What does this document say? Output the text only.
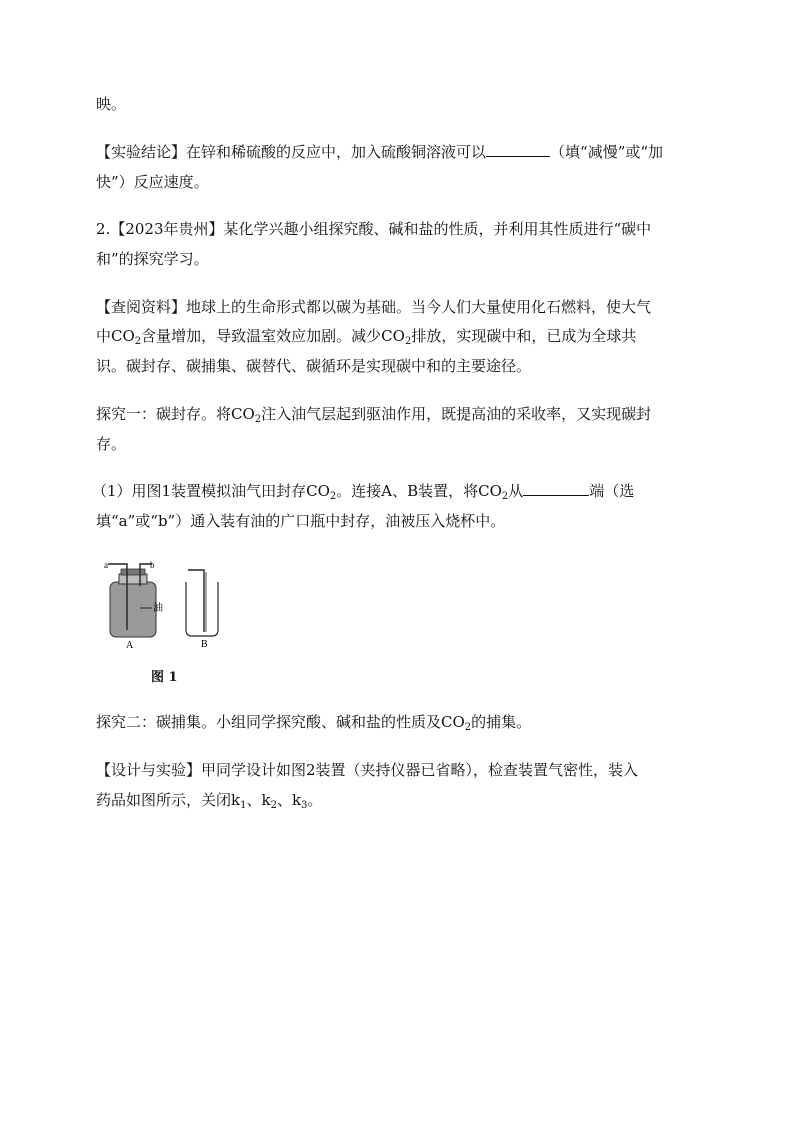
映。
【实验结论】在锌和稀硫酸的反应中，加入硫酸铜溶液可以	（填“减慢”或“加
快”）反应速度。
2.【2023年贵州】某化学兴趣小组探究酸、碱和盐的性质，并利用其性质进行“碳中
和”的探究学习。
【查阅资料】地球上的生命形式都以碳为基础。当今人们大量使用化石燃料，使大气
中$CO_2$含量增加，导致温室效应加剧。减少$CO_2$排放，实现碳中和，已成为全球共
识。碳封存、碳捕集、碳替代、碳循环是实现碳中和的主要途径。
探究一：碳封存。将$CO_2$注入油气层起到驱油作用，既提高油的采收率，又实现碳封
存。
（1）用图1装置模拟油气田封存$CO_2$。连接A、B装置，将$CO_2$从	端（选
填“a”或“b”）通入装有油的广口瓶中封存，油被压入烧杯中。
a	b
油
A	B
图 1
探究二：碳捕集。小组同学探究酸、碱和盐的性质及$CO_2$的捕集。
【设计与实验】甲同学设计如图2装置（夹持仪器已省略），检查装置气密性，装入
药品如图所示，关闭$k_1$、$k_2$、$k_3$。
